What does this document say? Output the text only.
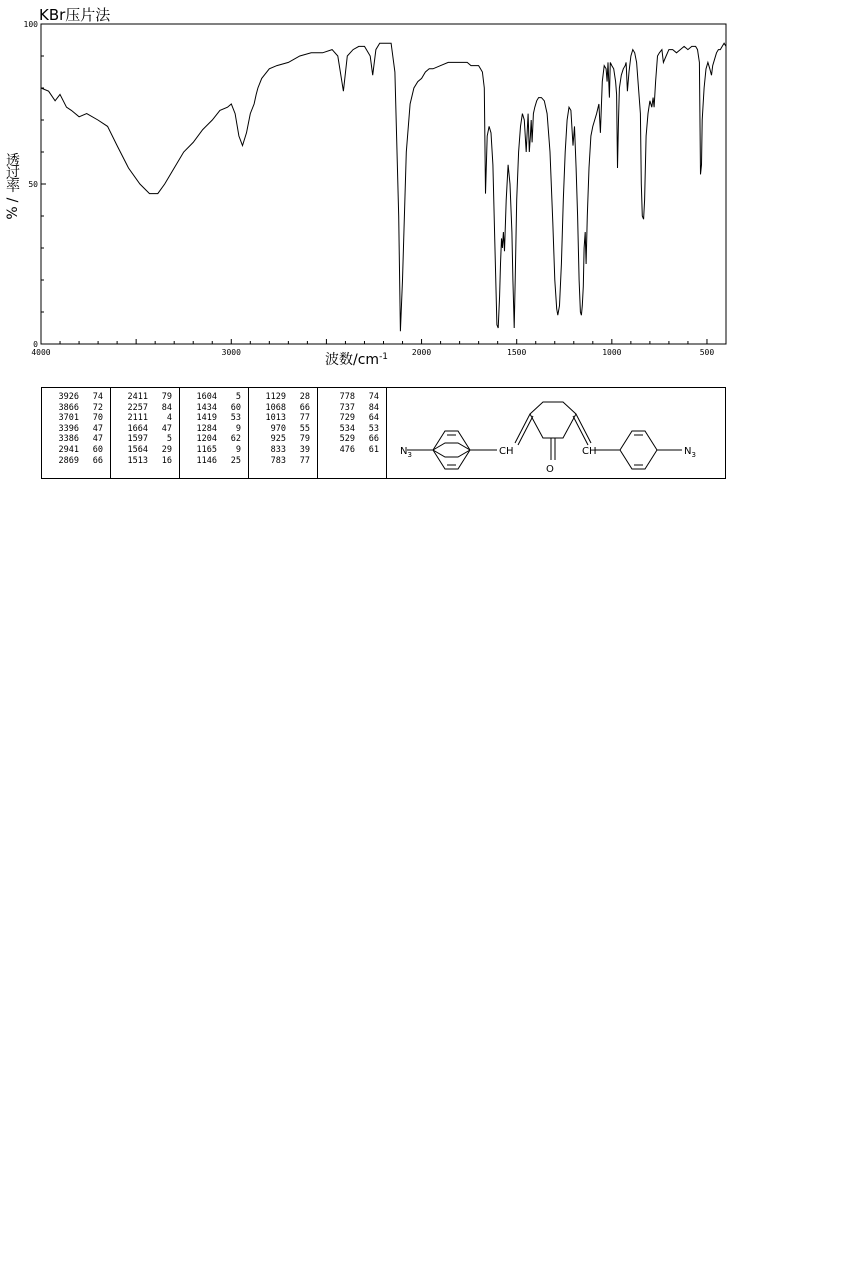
KBr压片法
4000	3000	2000	1500	1000	500
100
50
0
波数$/cm^{-1}$
透
过
率
/
%
3926	74
3866	72
3701	70
3396	47
3386	47
2941	60
2869	66
2411	79
2257	84
2111	4
1664	47
1597	5
1564	29
1513	16
1604	5
1434	60
1419	53
1284	9
1204	62
1165	9
1146	25
1129	28
1068	66
1013	77
970	55
925	79
833	39
783	77
778	74
737	84
729	64
534	53
529	66
476	61 $N_3$	$N_3$
CH	CH
O
